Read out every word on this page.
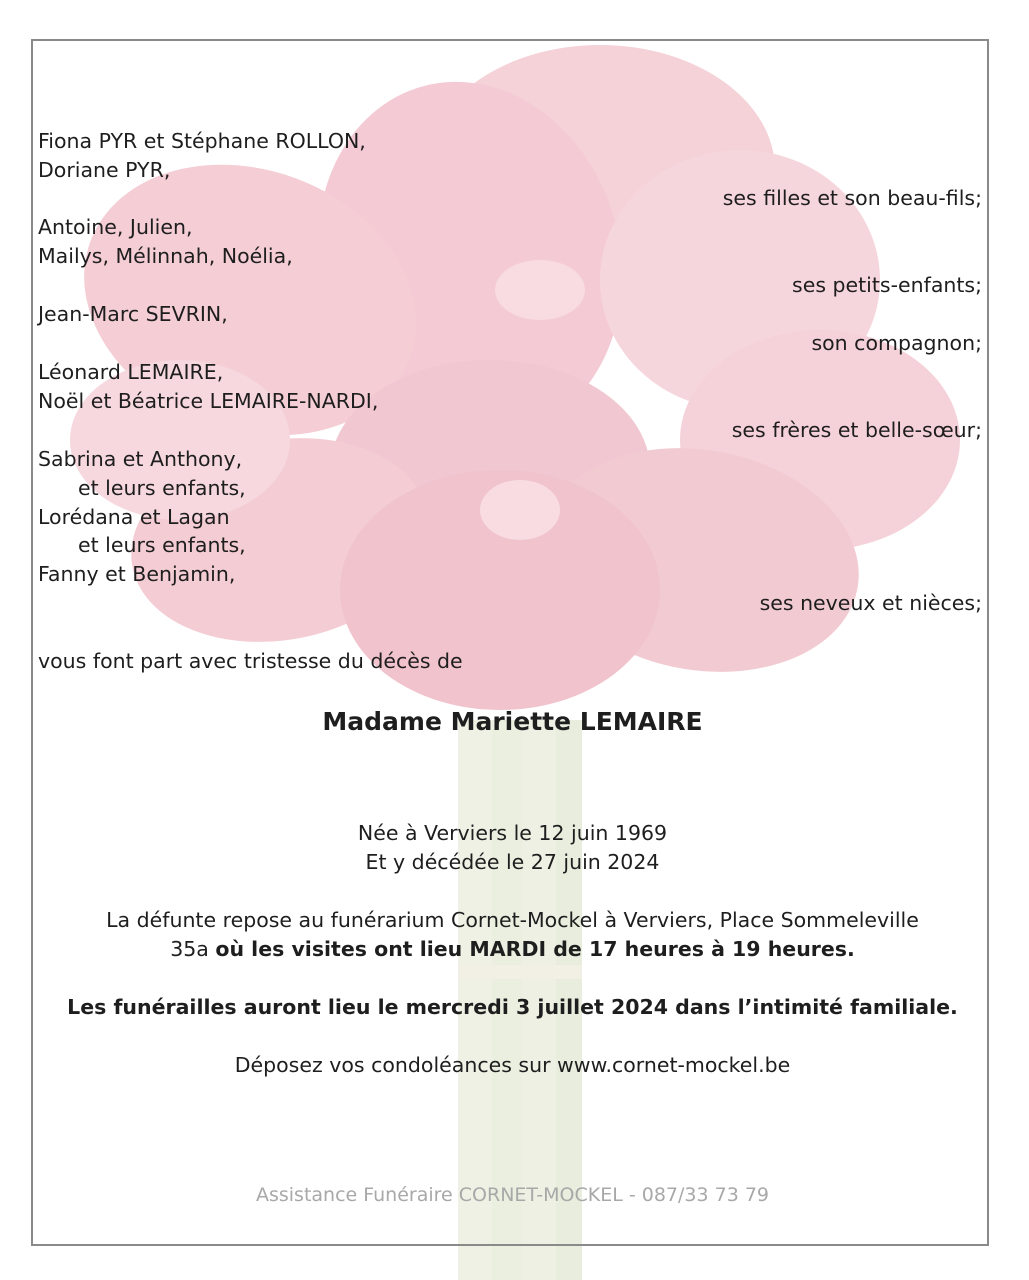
Fiona PYR et Stéphane ROLLON,
Doriane PYR,
ses filles et son beau-fils;
Antoine, Julien,
Mailys, Mélinnah, Noélia,
ses petits-enfants;
Jean-Marc SEVRIN,
son compagnon;
Léonard LEMAIRE,
Noël et Béatrice LEMAIRE-NARDI,
ses frères et belle-sœur;
Sabrina et Anthony,
et leurs enfants,
Lorédana et Lagan
et leurs enfants,
Fanny et Benjamin,
ses neveux et nièces;
vous font part avec tristesse du décès de
Madame Mariette LEMAIRE
Née à Verviers le 12 juin 1969
Et y décédée le 27 juin 2024
La défunte repose au funérarium Cornet-Mockel à Verviers, Place Sommeleville
35a où les visites ont lieu MARDI de 17 heures à 19 heures.
Les funérailles auront lieu le mercredi 3 juillet 2024 dans l’intimité familiale.
Déposez vos condoléances sur www.cornet-mockel.be
Assistance Funéraire CORNET-MOCKEL - 087/33 73 79
